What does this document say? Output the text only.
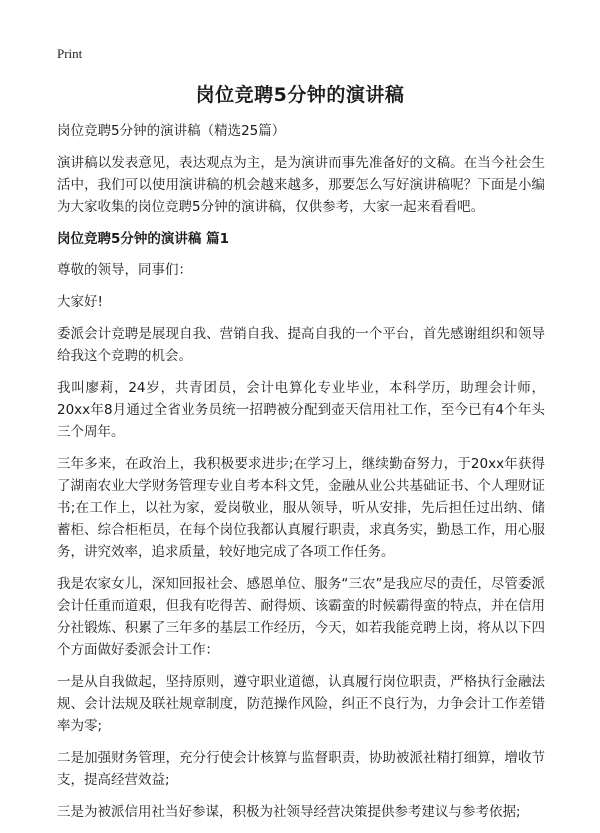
Print
岗位竞聘5分钟的演讲稿
岗位竞聘5分钟的演讲稿（精选25篇）

演讲稿以发表意见，表达观点为主，是为演讲而事先准备好的文稿。在当今社会生活中，我们可以使用演讲稿的机会越来越多，那要怎么写好演讲稿呢？下面是小编为大家收集的岗位竞聘5分钟的演讲稿，仅供参考，大家一起来看看吧。

岗位竞聘5分钟的演讲稿 篇1

尊敬的领导，同事们：

大家好!

委派会计竞聘是展现自我、营销自我、提高自我的一个平台，首先感谢组织和领导给我这个竞聘的机会。

我叫廖莉，24岁，共青团员，会计电算化专业毕业，本科学历，助理会计师，20xx年8月通过全省业务员统一招聘被分配到壶天信用社工作，至今已有4个年头三个周年。

三年多来，在政治上，我积极要求进步;在学习上，继续勤奋努力，于20xx年获得了湖南农业大学财务管理专业自考本科文凭，金融从业公共基础证书、个人理财证书;在工作上，以社为家，爱岗敬业，服从领导，听从安排，先后担任过出纳、储蓄柜、综合柜柜员，在每个岗位我都认真履行职责，求真务实，勤恳工作，用心服务，讲究效率，追求质量，较好地完成了各项工作任务。

我是农家女儿，深知回报社会、感恩单位、服务“三农”是我应尽的责任，尽管委派会计任重而道艰，但我有吃得苦、耐得烦、该霸蛮的时候霸得蛮的特点，并在信用分社锻炼、积累了三年多的基层工作经历，今天，如若我能竞聘上岗，将从以下四个方面做好委派会计工作：

一是从自我做起，坚持原则，遵守职业道德，认真履行岗位职责，严格执行金融法规、会计法规及联社规章制度，防范操作风险，纠正不良行为，力争会计工作差错率为零;

二是加强财务管理，充分行使会计核算与监督职责，协助被派社精打细算，增收节支，提高经营效益;

三是为被派信用社当好参谋，积极为社领导经营决策提供参考建议与参考依据;
